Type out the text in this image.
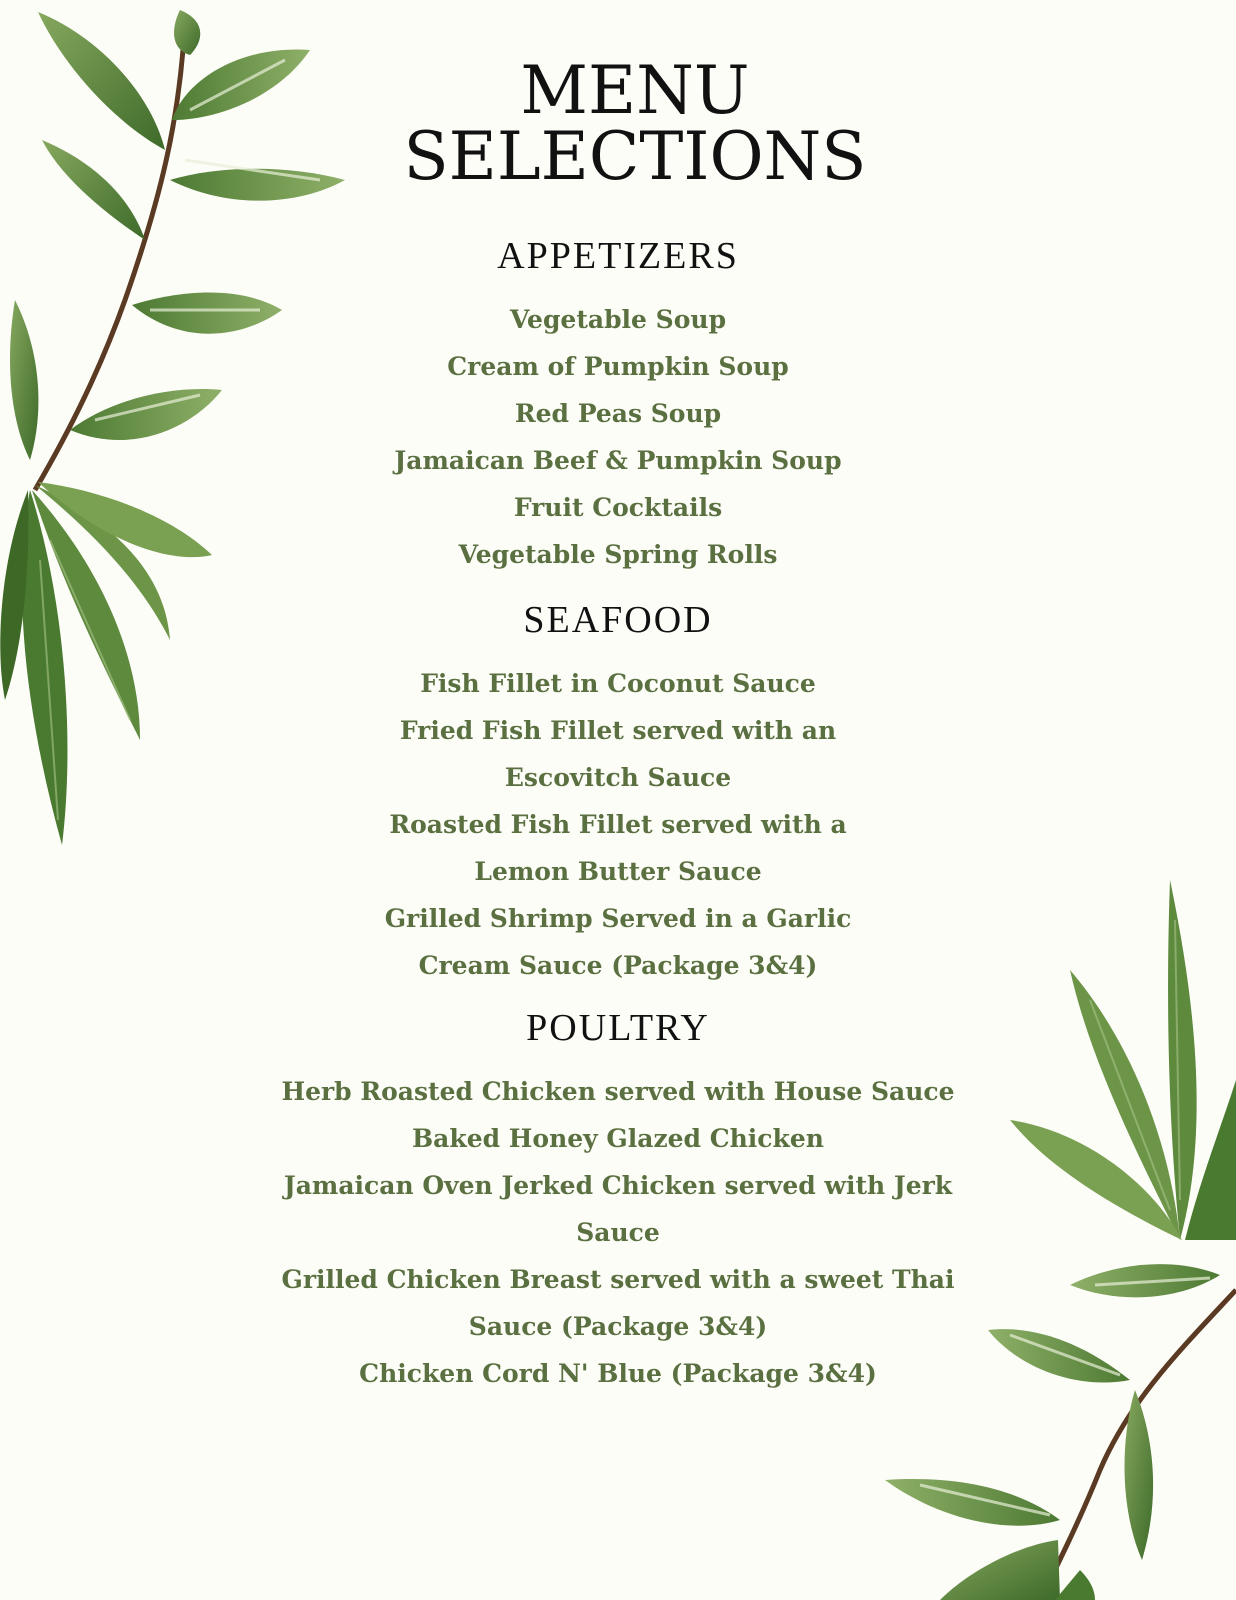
MENU
SELECTIONS
APPETIZERS
Vegetable Soup
Cream of Pumpkin Soup
Red Peas Soup
Jamaican Beef & Pumpkin Soup
Fruit Cocktails
Vegetable Spring Rolls
SEAFOOD
Fish Fillet in Coconut Sauce
Fried Fish Fillet served with an Escovitch Sauce
Roasted Fish Fillet served with a Lemon Butter Sauce
Grilled Shrimp Served in a Garlic Cream Sauce (Package 3&4)
POULTRY
Herb Roasted Chicken served with House Sauce
Baked Honey Glazed Chicken
Jamaican Oven Jerked Chicken served with Jerk Sauce
Grilled Chicken Breast served with a sweet Thai Sauce (Package 3&4)
Chicken Cord N' Blue (Package 3&4)
